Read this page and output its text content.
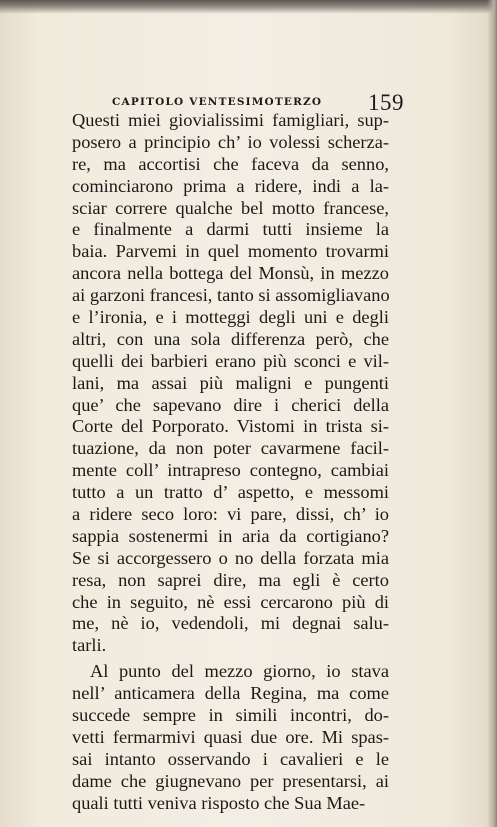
CAPITOLO VENTESIMOTERZO 159
Questi miei giovialissimi famigliari, sup-
posero a principio ch’ io volessi scherza-
re, ma accortisi che faceva da senno,
cominciarono prima a ridere, indi a la-
sciar correre qualche bel motto francese,
e finalmente a darmi tutti insieme la
baia. Parvemi in quel momento trovarmi
ancora nella bottega del Monsù, in mezzo
ai garzoni francesi, tanto si assomigliavano
e l’ironia, e i motteggi degli uni e degli
altri, con una sola differenza però, che
quelli dei barbieri erano più sconci e vil-
lani, ma assai più maligni e pungenti
que’ che sapevano dire i cherici della
Corte del Porporato. Vistomi in trista si-
tuazione, da non poter cavarmene facil-
mente coll’ intrapreso contegno, cambiai
tutto a un tratto d’ aspetto, e messomi
a ridere seco loro: vi pare, dissi, ch’ io
sappia sostenermi in aria da cortigiano?
Se si accorgessero o no della forzata mia
resa, non saprei dire, ma egli è certo
che in seguito, nè essi cercarono più di
me, nè io, vedendoli, mi degnai salu-
tarli.
Al punto del mezzo giorno, io stava
nell’ anticamera della Regina, ma come
succede sempre in simili incontri, do-
vetti fermarmivi quasi due ore. Mi spas-
sai intanto osservando i cavalieri e le
dame che giugnevano per presentarsi, ai
quali tutti veniva risposto che Sua Mae-
